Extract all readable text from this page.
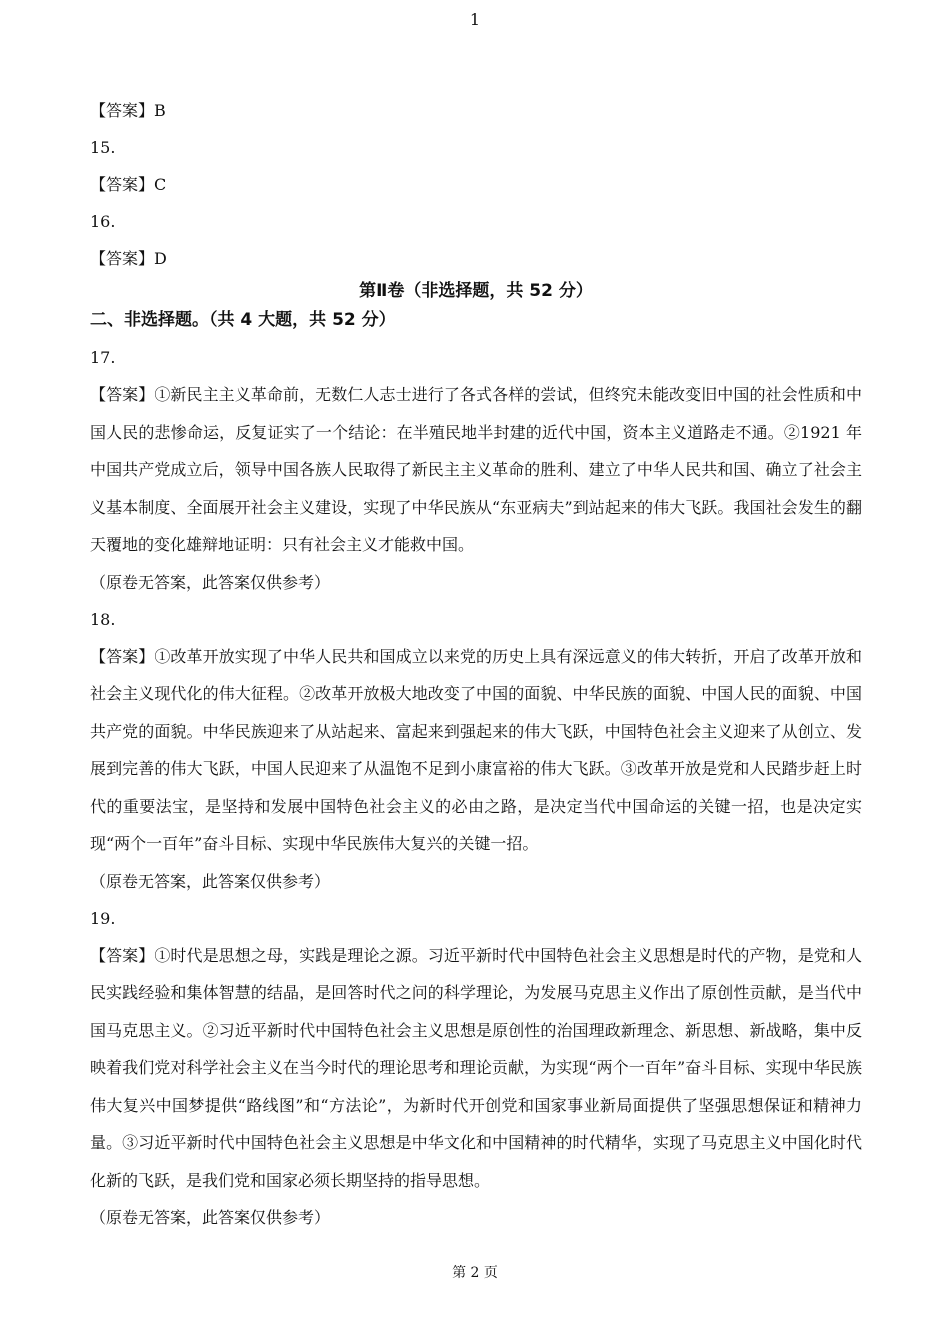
1

【答案】B

15.

【答案】C

16.

【答案】D

第Ⅱ卷（非选择题，共 52 分）

二、非选择题。（共 4 大题，共 52 分）

17.

【答案】①新民主主义革命前，无数仁人志士进行了各式各样的尝试，但终究未能改变旧中国的社会性质和中国人民的悲惨命运，反复证实了一个结论：在半殖民地半封建的近代中国，资本主义道路走不通。②1921 年中国共产党成立后，领导中国各族人民取得了新民主主义革命的胜利、建立了中华人民共和国、确立了社会主义基本制度、全面展开社会主义建设，实现了中华民族从“东亚病夫”到站起来的伟大飞跃。我国社会发生的翻天覆地的变化雄辩地证明：只有社会主义才能救中国。

（原卷无答案，此答案仅供参考）

18.

【答案】①改革开放实现了中华人民共和国成立以来党的历史上具有深远意义的伟大转折，开启了改革开放和社会主义现代化的伟大征程。②改革开放极大地改变了中国的面貌、中华民族的面貌、中国人民的面貌、中国共产党的面貌。中华民族迎来了从站起来、富起来到强起来的伟大飞跃，中国特色社会主义迎来了从创立、发展到完善的伟大飞跃，中国人民迎来了从温饱不足到小康富裕的伟大飞跃。③改革开放是党和人民踏步赶上时代的重要法宝，是坚持和发展中国特色社会主义的必由之路，是决定当代中国命运的关键一招，也是决定实现“两个一百年”奋斗目标、实现中华民族伟大复兴的关键一招。

（原卷无答案，此答案仅供参考）

19.

【答案】①时代是思想之母，实践是理论之源。习近平新时代中国特色社会主义思想是时代的产物，是党和人民实践经验和集体智慧的结晶，是回答时代之问的科学理论，为发展马克思主义作出了原创性贡献，是当代中国马克思主义。②习近平新时代中国特色社会主义思想是原创性的治国理政新理念、新思想、新战略，集中反映着我们党对科学社会主义在当今时代的理论思考和理论贡献，为实现“两个一百年”奋斗目标、实现中华民族伟大复兴中国梦提供“路线图”和“方法论”，为新时代开创党和国家事业新局面提供了坚强思想保证和精神力量。③习近平新时代中国特色社会主义思想是中华文化和中国精神的时代精华，实现了马克思主义中国化时代化新的飞跃，是我们党和国家必须长期坚持的指导思想。

（原卷无答案，此答案仅供参考）

第 2 页
